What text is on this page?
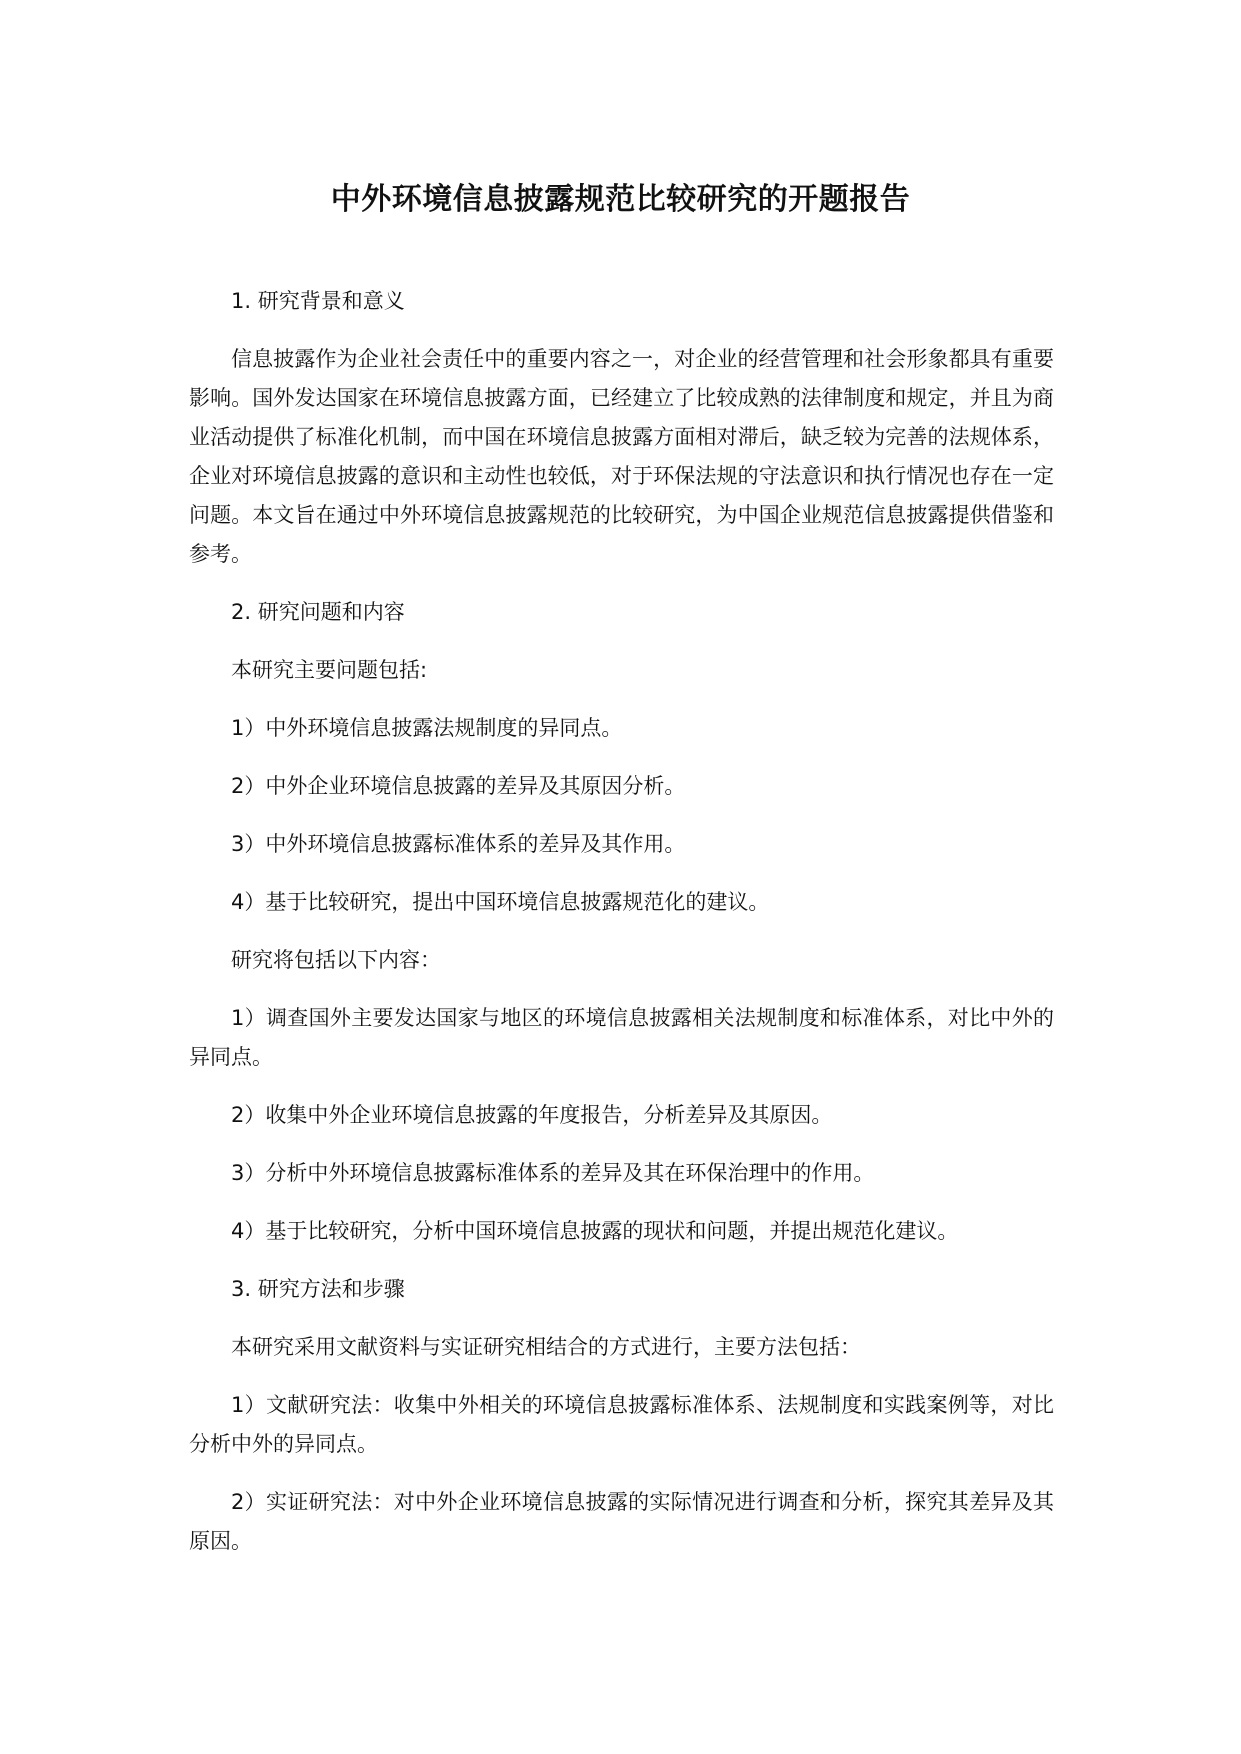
中外环境信息披露规范比较研究的开题报告

1. 研究背景和意义

信息披露作为企业社会责任中的重要内容之一，对企业的经营管理和社会形象都具有重要影响。国外发达国家在环境信息披露方面，已经建立了比较成熟的法律制度和规定，并且为商业活动提供了标准化机制，而中国在环境信息披露方面相对滞后，缺乏较为完善的法规体系，企业对环境信息披露的意识和主动性也较低，对于环保法规的守法意识和执行情况也存在一定问题。本文旨在通过中外环境信息披露规范的比较研究，为中国企业规范信息披露提供借鉴和参考。

2. 研究问题和内容

本研究主要问题包括:

1）中外环境信息披露法规制度的异同点。

2）中外企业环境信息披露的差异及其原因分析。

3）中外环境信息披露标准体系的差异及其作用。

4）基于比较研究，提出中国环境信息披露规范化的建议。

研究将包括以下内容：

1）调查国外主要发达国家与地区的环境信息披露相关法规制度和标准体系，对比中外的异同点。

2）收集中外企业环境信息披露的年度报告，分析差异及其原因。

3）分析中外环境信息披露标准体系的差异及其在环保治理中的作用。

4）基于比较研究，分析中国环境信息披露的现状和问题，并提出规范化建议。

3. 研究方法和步骤

本研究采用文献资料与实证研究相结合的方式进行，主要方法包括：

1）文献研究法：收集中外相关的环境信息披露标准体系、法规制度和实践案例等，对比分析中外的异同点。

2）实证研究法：对中外企业环境信息披露的实际情况进行调查和分析，探究其差异及其原因。
